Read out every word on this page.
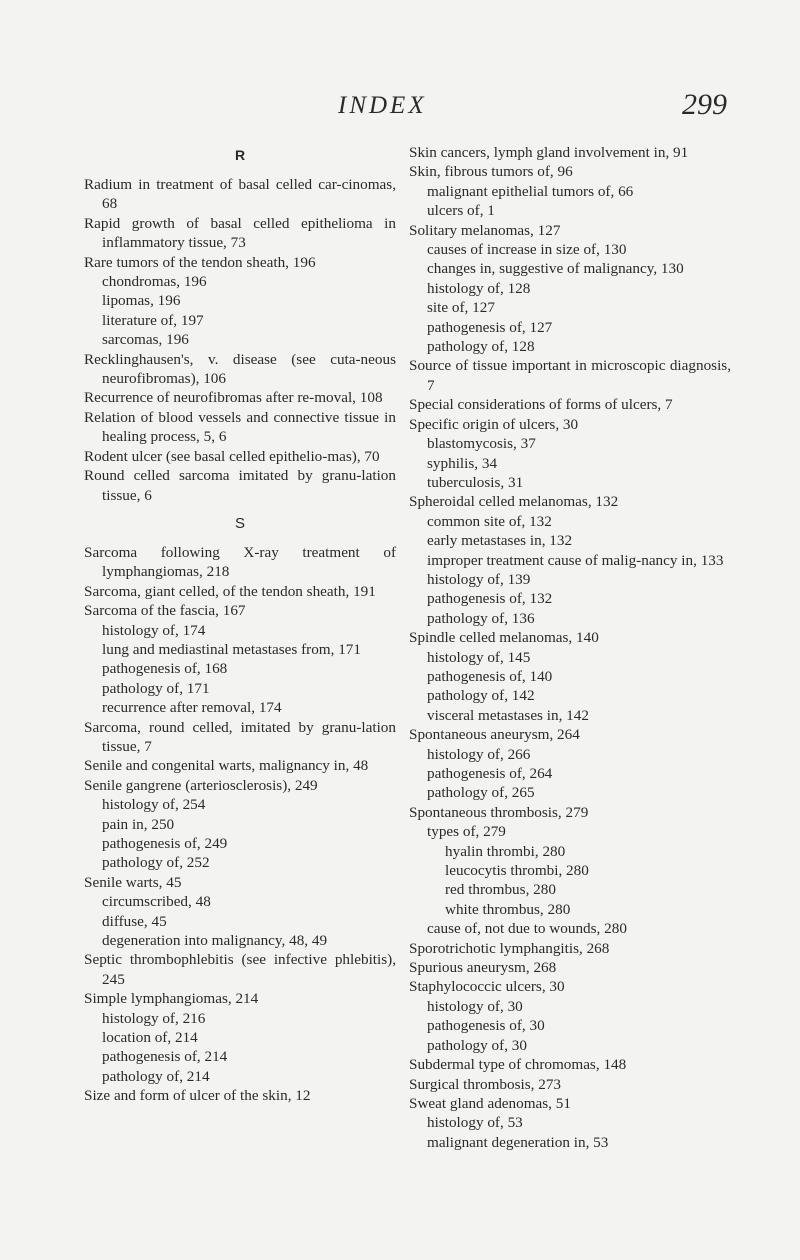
INDEX	299
R
Radium in treatment of basal celled car-cinomas, 68
Rapid growth of basal celled epithelioma in inflammatory tissue, 73
Rare tumors of the tendon sheath, 196
chondromas, 196
lipomas, 196
literature of, 197
sarcomas, 196
Recklinghausen's, v. disease (see cuta-neous neurofibromas), 106
Recurrence of neurofibromas after re-moval, 108
Relation of blood vessels and connective tissue in healing process, 5, 6
Rodent ulcer (see basal celled epithelio-mas), 70
Round celled sarcoma imitated by granu-lation tissue, 6
S
Sarcoma following X-ray treatment of lymphangiomas, 218
Sarcoma, giant celled, of the tendon sheath, 191
Sarcoma of the fascia, 167
histology of, 174
lung and mediastinal metastases from, 171
pathogenesis of, 168
pathology of, 171
recurrence after removal, 174
Sarcoma, round celled, imitated by granu-lation tissue, 7
Senile and congenital warts, malignancy in, 48
Senile gangrene (arteriosclerosis), 249
histology of, 254
pain in, 250
pathogenesis of, 249
pathology of, 252
Senile warts, 45
circumscribed, 48
diffuse, 45
degeneration into malignancy, 48, 49
Septic thrombophlebitis (see infective phlebitis), 245
Simple lymphangiomas, 214
histology of, 216
location of, 214
pathogenesis of, 214
pathology of, 214
Size and form of ulcer of the skin, 12
Skin cancers, lymph gland involvement in, 91
Skin, fibrous tumors of, 96
malignant epithelial tumors of, 66
ulcers of, 1
Solitary melanomas, 127
causes of increase in size of, 130
changes in, suggestive of malignancy, 130
histology of, 128
site of, 127
pathogenesis of, 127
pathology of, 128
Source of tissue important in microscopic diagnosis, 7
Special considerations of forms of ulcers, 7
Specific origin of ulcers, 30
blastomycosis, 37
syphilis, 34
tuberculosis, 31
Spheroidal celled melanomas, 132
common site of, 132
early metastases in, 132
improper treatment cause of malig-nancy in, 133
histology of, 139
pathogenesis of, 132
pathology of, 136
Spindle celled melanomas, 140
histology of, 145
pathogenesis of, 140
pathology of, 142
visceral metastases in, 142
Spontaneous aneurysm, 264
histology of, 266
pathogenesis of, 264
pathology of, 265
Spontaneous thrombosis, 279
types of, 279
hyalin thrombi, 280
leucocytis thrombi, 280
red thrombus, 280
white thrombus, 280
cause of, not due to wounds, 280
Sporotrichotic lymphangitis, 268
Spurious aneurysm, 268
Staphylococcic ulcers, 30
histology of, 30
pathogenesis of, 30
pathology of, 30
Subdermal type of chromomas, 148
Surgical thrombosis, 273
Sweat gland adenomas, 51
histology of, 53
malignant degeneration in, 53
